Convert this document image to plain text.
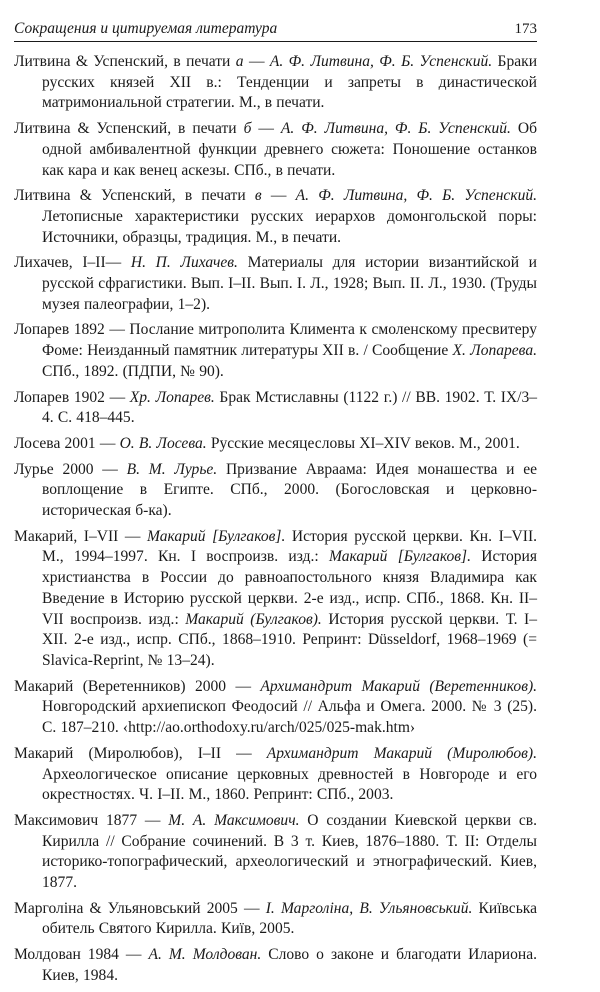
Сокращения и цитируемая литература	173
Литвина & Успенский, в печати а — А. Ф. Литвина, Ф. Б. Успенский. Браки русских князей XII в.: Тенденции и запреты в династической матримониальной стратегии. М., в печати.
Литвина & Успенский, в печати б — А. Ф. Литвина, Ф. Б. Успенский. Об одной амбивалентной функции древнего сюжета: Поношение останков как кара и как венец аскезы. СПб., в печати.
Литвина & Успенский, в печати в — А. Ф. Литвина, Ф. Б. Успенский. Летописные характеристики русских иерархов домонгольской поры: Источники, образцы, традиция. М., в печати.
Лихачев, I–II— Н. П. Лихачев. Материалы для истории византийской и русской сфрагистики. Вып. I–II. Вып. I. Л., 1928; Вып. II. Л., 1930. (Труды музея палеографии, 1–2).
Лопарев 1892 — Послание митрополита Климента к смоленскому пресвитеру Фоме: Неизданный памятник литературы XII в. / Сообщение Х. Лопарева. СПб., 1892. (ПДПИ, № 90).
Лопарев 1902 — Хр. Лопарев. Брак Мстиславны (1122 г.) // ВВ. 1902. Т. IX/3–4. С. 418–445.
Лосева 2001 — О. В. Лосева. Русские месяцесловы XI–XIV веков. М., 2001.
Лурье 2000 — В. М. Лурье. Призвание Авраама: Идея монашества и ее воплощение в Египте. СПб., 2000. (Богословская и церковно-историческая б-ка).
Макарий, I–VII — Макарий [Булгаков]. История русской церкви. Кн. I–VII. М., 1994–1997. Кн. I воспроизв. изд.: Макарий [Булгаков]. История христианства в России до равноапостольного князя Владимира как Введение в Историю русской церкви. 2-е изд., испр. СПб., 1868. Кн. II–VII воспроизв. изд.: Макарий (Булгаков). История русской церкви. Т. I–XII. 2-е изд., испр. СПб., 1868–1910. Репринт: Düsseldorf, 1968–1969 (= Slavica-Reprint, № 13–24).
Макарий (Веретенников) 2000 — Архимандрит Макарий (Веретенников). Новгородский архиепископ Феодосий // Альфа и Омега. 2000. № 3 (25). С. 187–210. ‹http://ao.orthodoxy.ru/arch/025/025-mak.htm›
Макарий (Миролюбов), I–II — Архимандрит Макарий (Миролюбов). Археологическое описание церковных древностей в Новгороде и его окрестностях. Ч. I–II. М., 1860. Репринт: СПб., 2003.
Максимович 1877 — М. А. Максимович. О создании Киевской церкви св. Кирилла // Собрание сочинений. В 3 т. Киев, 1876–1880. Т. II: Отделы историко-топографический, археологический и этнографический. Киев, 1877.
Марголіна & Ульяновський 2005 — І. Марголіна, В. Ульяновський. Київська обитель Святого Кирилла. Київ, 2005.
Молдован 1984 — А. М. Молдован. Слово о законе и благодати Илариона. Киев, 1984.
